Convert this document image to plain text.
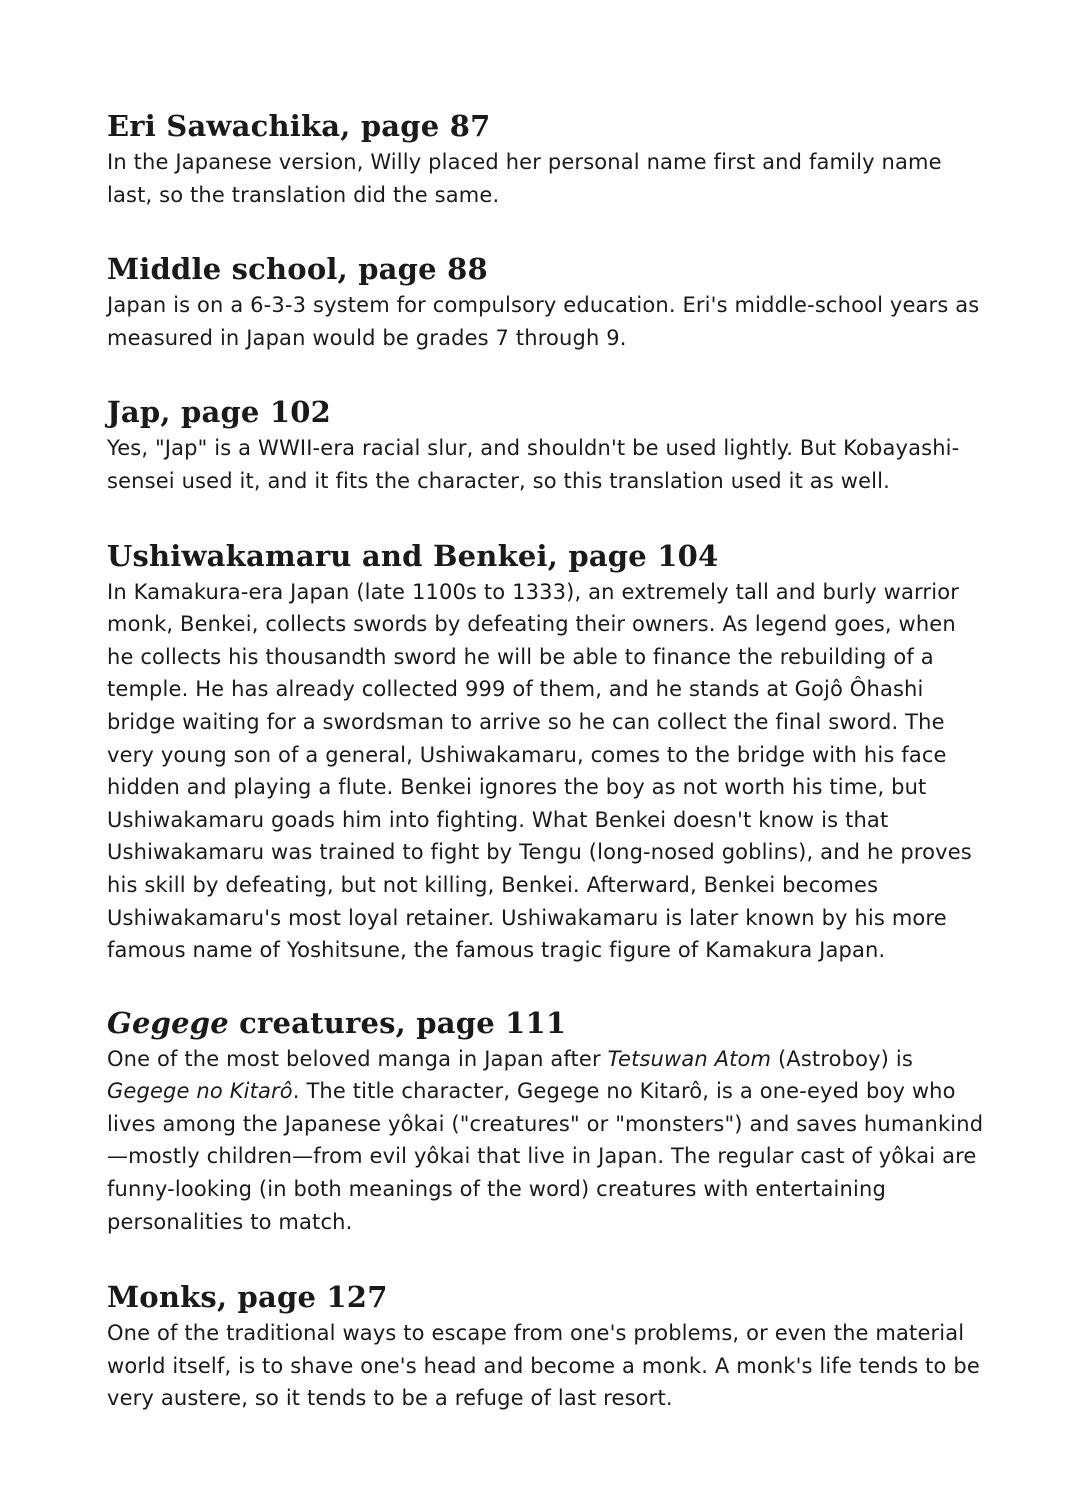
Eri Sawachika, page 87

In the Japanese version, Willy placed her personal name first and family name last, so the translation did the same.

Middle school, page 88

Japan is on a 6-3-3 system for compulsory education. Eri's middle-school years as measured in Japan would be grades 7 through 9.

Jap, page 102

Yes, "Jap" is a WWII-era racial slur, and shouldn't be used lightly. But Kobayashi-sensei used it, and it fits the character, so this translation used it as well.

Ushiwakamaru and Benkei, page 104

In Kamakura-era Japan (late 1100s to 1333), an extremely tall and burly warrior monk, Benkei, collects swords by defeating their owners. As legend goes, when he collects his thousandth sword he will be able to finance the rebuilding of a temple. He has already collected 999 of them, and he stands at Gojô Ôhashi bridge waiting for a swordsman to arrive so he can collect the final sword. The very young son of a general, Ushiwakamaru, comes to the bridge with his face hidden and playing a flute. Benkei ignores the boy as not worth his time, but Ushiwakamaru goads him into fighting. What Benkei doesn't know is that Ushiwakamaru was trained to fight by Tengu (long-nosed goblins), and he proves his skill by defeating, but not killing, Benkei. Afterward, Benkei becomes Ushiwakamaru's most loyal retainer. Ushiwakamaru is later known by his more famous name of Yoshitsune, the famous tragic figure of Kamakura Japan.

Gegege creatures, page 111

One of the most beloved manga in Japan after Tetsuwan Atom (Astroboy) is Gegege no Kitarô. The title character, Gegege no Kitarô, is a one-eyed boy who lives among the Japanese yôkai ("creatures" or "monsters") and saves humankind—mostly children—from evil yôkai that live in Japan. The regular cast of yôkai are funny-looking (in both meanings of the word) creatures with entertaining personalities to match.

Monks, page 127

One of the traditional ways to escape from one's problems, or even the material world itself, is to shave one's head and become a monk. A monk's life tends to be very austere, so it tends to be a refuge of last resort.
